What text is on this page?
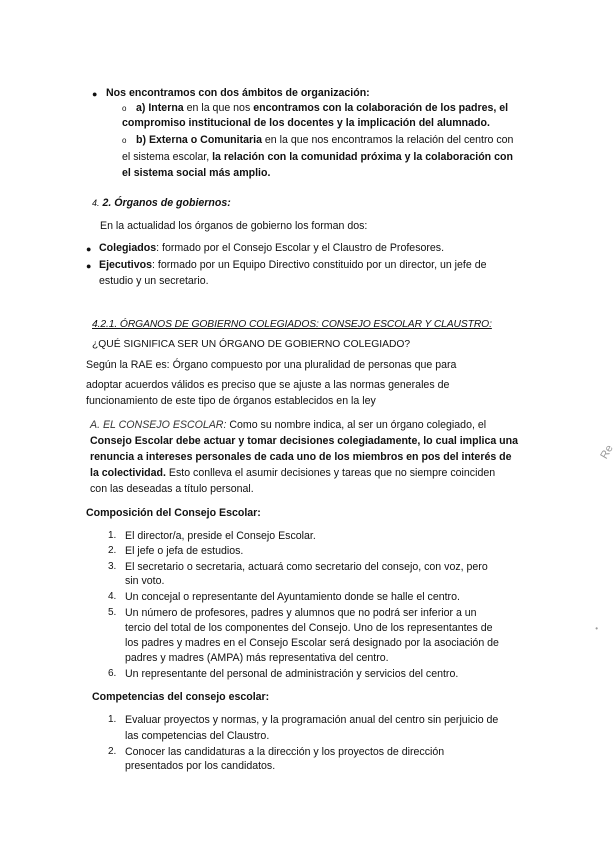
● Nos encontramos con dos ámbitos de organización:
o a) Interna en la que nos encontramos con la colaboración de los padres, el
compromiso institucional de los docentes y la implicación del alumnado.
o b) Externa o Comunitaria en la que nos encontramos la relación del centro con
el sistema escolar, la relación con la comunidad próxima y la colaboración con
el sistema social más amplio.
4. 2. Órganos de gobiernos:
En la actualidad los órganos de gobierno los forman dos:
● Colegiados: formado por el Consejo Escolar y el Claustro de Profesores.
● Ejecutivos: formado por un Equipo Directivo constituido por un director, un jefe de
estudio y un secretario.
4.2.1. ÓRGANOS DE GOBIERNO COLEGIADOS: CONSEJO ESCOLAR Y CLAUSTRO:
¿QUÉ SIGNIFICA SER UN ÓRGANO DE GOBIERNO COLEGIADO?
Según la RAE es: Órgano compuesto por una pluralidad de personas que para
adoptar acuerdos válidos es preciso que se ajuste a las normas generales de
funcionamiento de este tipo de órganos establecidos en la ley
A. EL CONSEJO ESCOLAR: Como su nombre indica, al ser un órgano colegiado, el
Consejo Escolar debe actuar y tomar decisiones colegiadamente, lo cual implica una
renuncia a intereses personales de cada uno de los miembros en pos del interés de
la colectividad. Esto conlleva el asumir decisiones y tareas que no siempre coinciden
con las deseadas a título personal.
Composición del Consejo Escolar:
1. El director/a, preside el Consejo Escolar.
2. El jefe o jefa de estudios.
3. El secretario o secretaria, actuará como secretario del consejo, con voz, pero
sin voto.
4. Un concejal o representante del Ayuntamiento donde se halle el centro.
5. Un número de profesores, padres y alumnos que no podrá ser inferior a un
tercio del total de los componentes del Consejo. Uno de los representantes de
los padres y madres en el Consejo Escolar será designado por la asociación de
padres y madres (AMPA) más representativa del centro.
6. Un representante del personal de administración y servicios del centro.
Competencias del consejo escolar:
1. Evaluar proyectos y normas, y la programación anual del centro sin perjuicio de
las competencias del Claustro.
2. Conocer las candidaturas a la dirección y los proyectos de dirección
presentados por los candidatos.
Re
•
